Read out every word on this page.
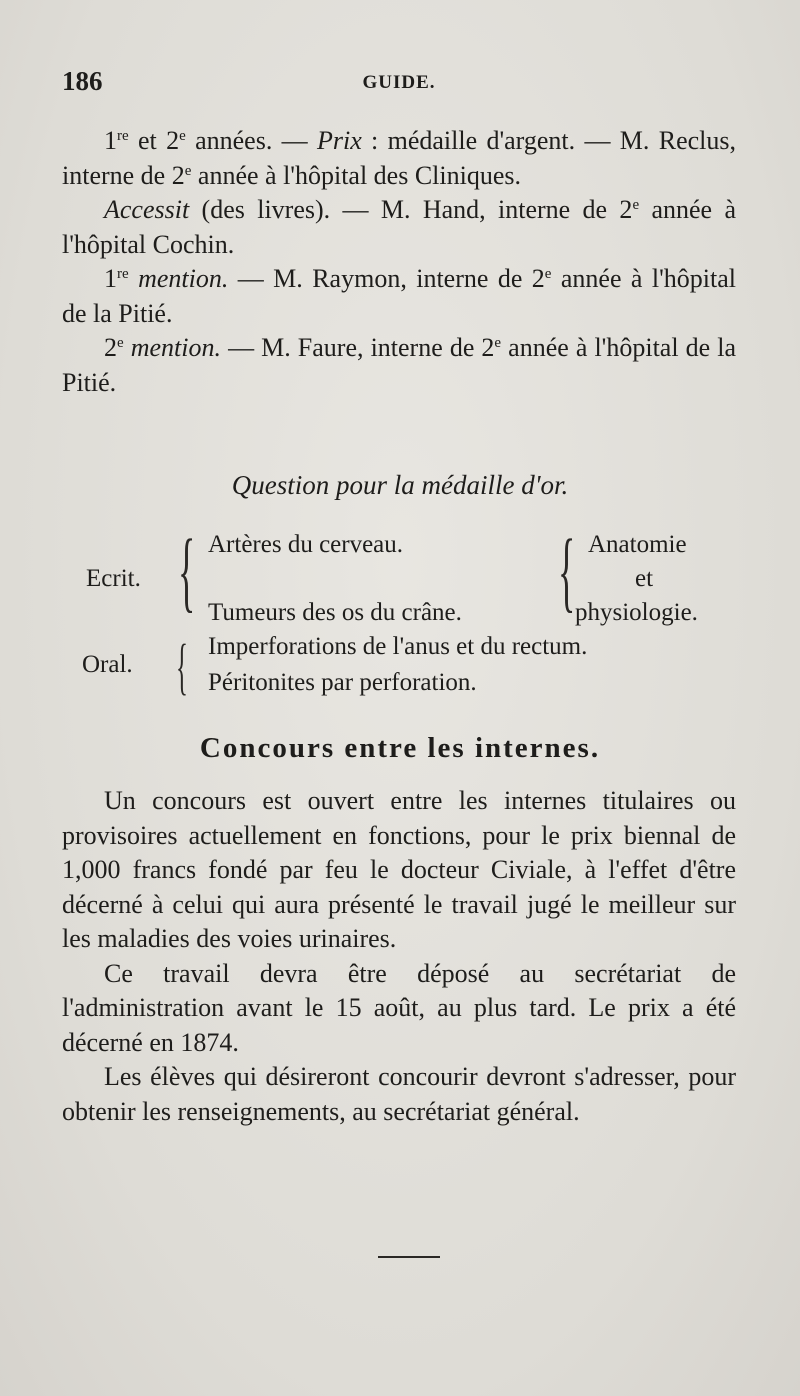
186	GUIDE.

1re et 2e années. — Prix : médaille d'argent. — M. Reclus, interne de 2e année à l'hôpital des Cliniques.

Accessit (des livres). — M. Hand, interne de 2e année à l'hôpital Cochin.

1re mention. — M. Raymon, interne de 2e année à l'hôpital de la Pitié.

2e mention. — M. Faure, interne de 2e année à l'hôpital de la Pitié.

Question pour la médaille d'or.
Ecrit. { Artères du cerveau.
Tumeurs des os du crâne. { Anatomie
et
physiologie.
Oral. { Imperforations de l'anus et du rectum.
Péritonites par perforation.
Concours entre les internes.

Un concours est ouvert entre les internes titulaires ou provisoires actuellement en fonctions, pour le prix biennal de 1,000 francs fondé par feu le docteur Civiale, à l'effet d'être décerné à celui qui aura présenté le travail jugé le meilleur sur les maladies des voies urinaires.

Ce travail devra être déposé au secrétariat de l'administration avant le 15 août, au plus tard. Le prix a été décerné en 1874.

Les élèves qui désireront concourir devront s'adresser, pour obtenir les renseignements, au secrétariat général.
